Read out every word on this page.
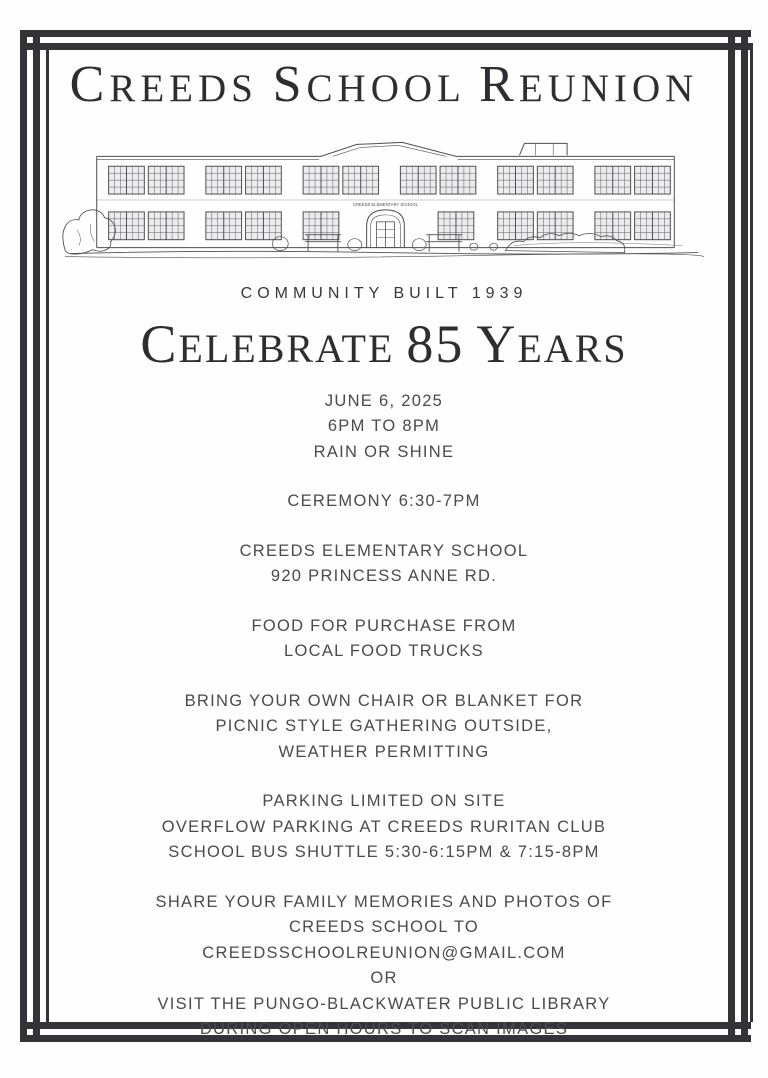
CREEDS SCHOOL REUNION
CREEDS ELEMENTARY SCHOOL
COMMUNITY BUILT 1939
CELEBRATE 85 YEARS
JUNE 6, 2025
6PM TO 8PM
RAIN OR SHINE
CEREMONY 6:30-7PM
CREEDS ELEMENTARY SCHOOL
920 PRINCESS ANNE RD.
FOOD FOR PURCHASE FROM
LOCAL FOOD TRUCKS
BRING YOUR OWN CHAIR OR BLANKET FOR
PICNIC STYLE GATHERING OUTSIDE,
WEATHER PERMITTING
PARKING LIMITED ON SITE
OVERFLOW PARKING AT CREEDS RURITAN CLUB
SCHOOL BUS SHUTTLE 5:30-6:15PM & 7:15-8PM
SHARE YOUR FAMILY MEMORIES AND PHOTOS OF
CREEDS SCHOOL TO
CREEDSSCHOOLREUNION@GMAIL.COM
OR
VISIT THE PUNGO-BLACKWATER PUBLIC LIBRARY
DURING OPEN HOURS TO SCAN IMAGES
